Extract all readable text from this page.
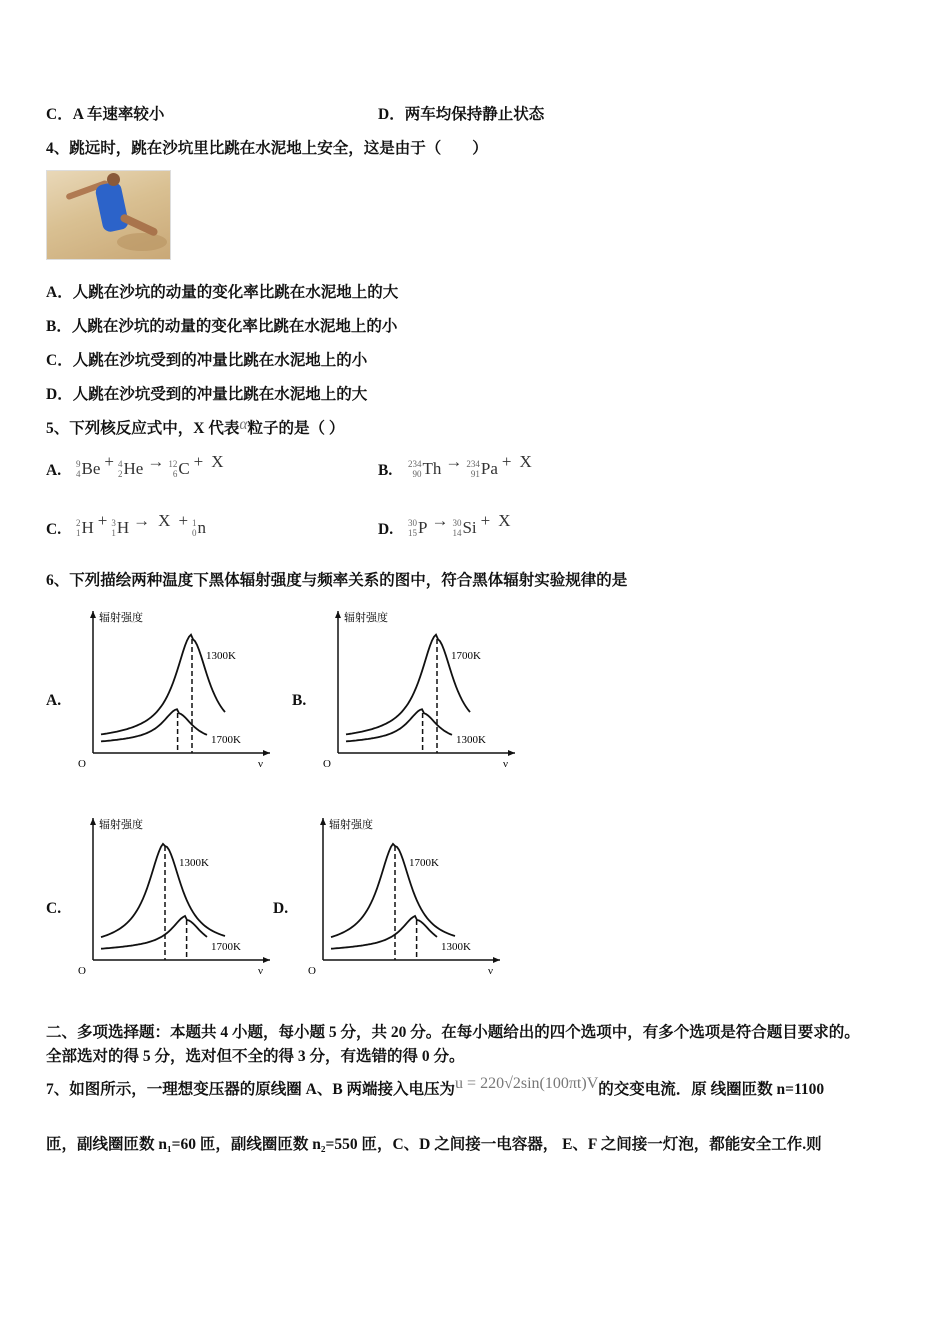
C．A 车速率较小	D．两车均保持静止状态
4、跳远时，跳在沙坑里比跳在水泥地上安全，这是由于（　　）
A．人跳在沙坑的动量的变化率比跳在水泥地上的大
B．人跳在沙坑的动量的变化率比跳在水泥地上的小
C．人跳在沙坑受到的冲量比跳在水泥地上的小
D．人跳在沙坑受到的冲量比跳在水泥地上的大
5、下列核反应式中，X 代表α粒子的是（ ）
6、下列描绘两种温度下黑体辐射强度与频率关系的图中，符合黑体辐射实验规律的是
二、多项选择题：本题共 4 小题，每小题 5 分，共 20 分。在每小题给出的四个选项中，有多个选项是符合题目要求的。
全部选对的得 5 分，选对但不全的得 3 分，有选错的得 0 分。
7、如图所示，一理想变压器的原线圈 A、B 两端接入电压为u = 220√2sin(100πt)V的交变电流．原 线圈匝数 n=1100
匝，副线圈匝数 n₁=60 匝，副线圈匝数 n₂=550 匝，C、D 之间接一电容器， E、F 之间接一灯泡，都能安全工作.则
A. 9
4 Be + 4
2 He → 12
6 C + X	B. 234
90 Th → 234
91 Pa + X
C. 2
1 H + 3
1 H → X + 1
0 n	D. 30
15 P → 30
14 Si + X
A.
辐射强度
O	ν
1300K
1700K
B.
辐射强度
O	ν
1700K
1300K
C.
辐射强度
O	ν
1300K
1700K
D.
辐射强度
O	ν
1700K
1300K
